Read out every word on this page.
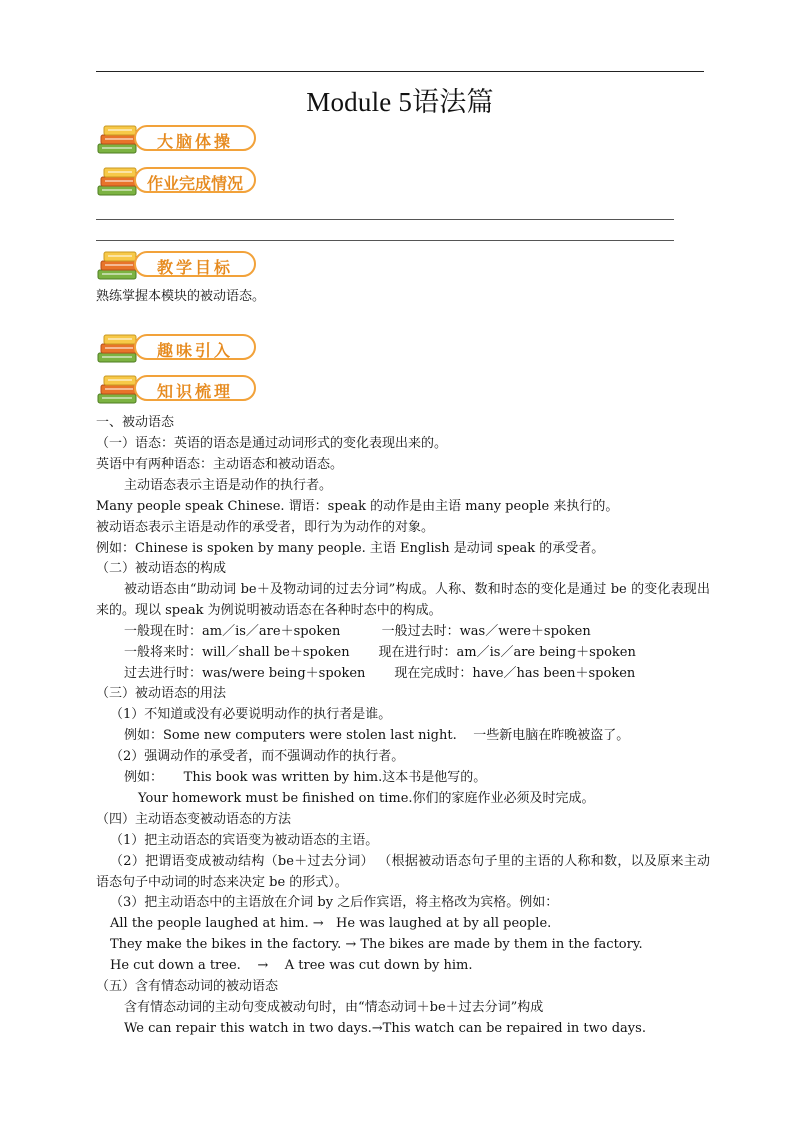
Module 5语法篇
大脑体操
作业完成情况
教学目标
熟练掌握本模块的被动语态。
趣味引入
知识梳理
一、被动语态
（一）语态：英语的语态是通过动词形式的变化表现出来的。
英语中有两种语态：主动语态和被动语态。
主动语态表示主语是动作的执行者。
Many people speak Chinese. 谓语：speak 的动作是由主语 many people 来执行的。
被动语态表示主语是动作的承受者，即行为为动作的对象。
例如：Chinese is spoken by many people. 主语 English 是动词 speak 的承受者。
（二）被动语态的构成
被动语态由“助动词 be＋及物动词的过去分词”构成。人称、数和时态的变化是通过 be 的变化表现出来的。现以 speak 为例说明被动语态在各种时态中的构成。
一般现在时：am／is／are＋spoken          一般过去时：was／were＋spoken
一般将来时：will／shall be＋spoken       现在进行时：am／is／are being＋spoken
过去进行时：was/were being＋spoken       现在完成时：have／has been＋spoken
（三）被动语态的用法
（1）不知道或没有必要说明动作的执行者是谁。
例如：Some new computers were stolen last night.    一些新电脑在昨晚被盗了。
（2）强调动作的承受者，而不强调动作的执行者。
例如：     This book was written by him.这本书是他写的。
Your homework must be finished on time.你们的家庭作业必须及时完成。
（四）主动语态变被动语态的方法
（1）把主动语态的宾语变为被动语态的主语。
（2）把谓语变成被动结构（be＋过去分词） （根据被动语态句子里的主语的人称和数，以及原来主动语态句子中动词的时态来决定 be 的形式）。
（3）把主动语态中的主语放在介词 by 之后作宾语，将主格改为宾格。例如：
All the people laughed at him. →   He was laughed at by all people.
They make the bikes in the factory. → The bikes are made by them in the factory.
He cut down a tree.    →    A tree was cut down by him.
（五）含有情态动词的被动语态
含有情态动词的主动句变成被动句时，由“情态动词＋be＋过去分词”构成
We can repair this watch in two days.→This watch can be repaired in two days.
